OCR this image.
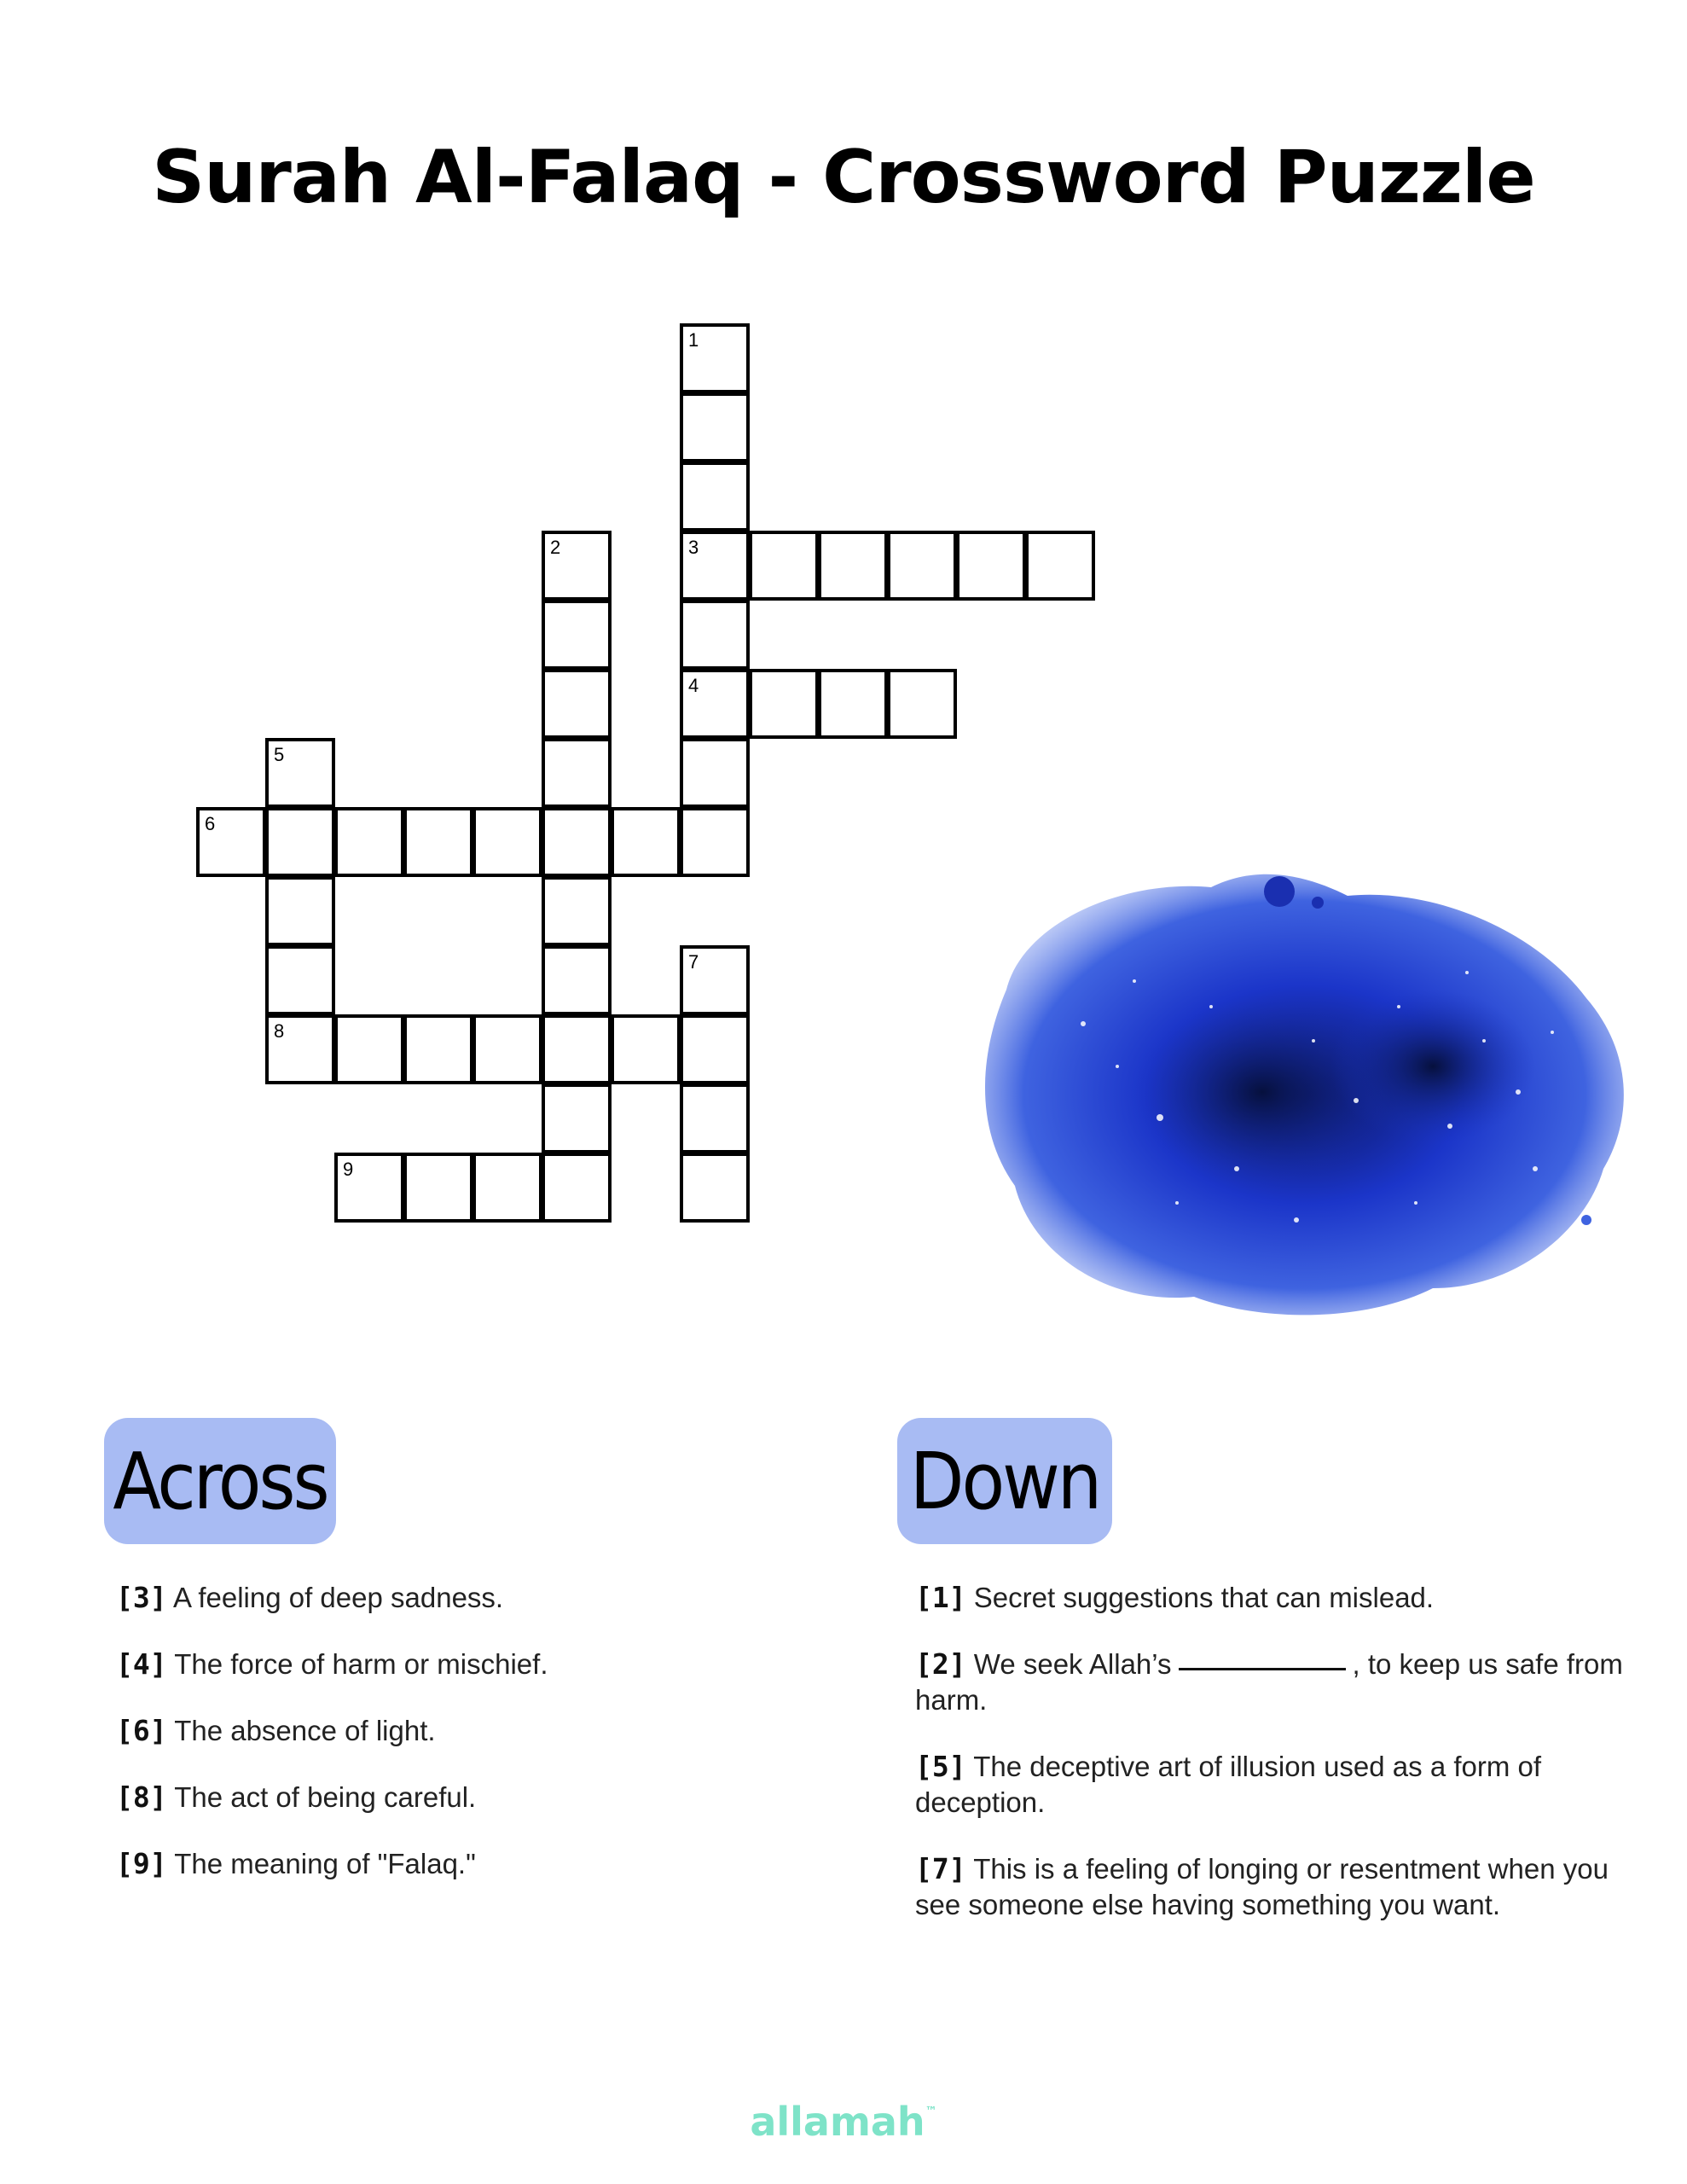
Surah Al-Falaq - Crossword Puzzle
1
3
4
2
5
8
6
7
9
Across	Down

[3] A feeling of deep sadness.

[4] The force of harm or mischief.

[6] The absence of light.

[8] The act of being careful.

[9] The meaning of "Falaq."

[1] Secret suggestions that can mislead.

[2] We seek Allah’s	, to keep us safe from harm.

[5] The deceptive art of illusion used as a form of deception.

[7] This is a feeling of longing or resentment when you see someone else having something you want.

allamah™
